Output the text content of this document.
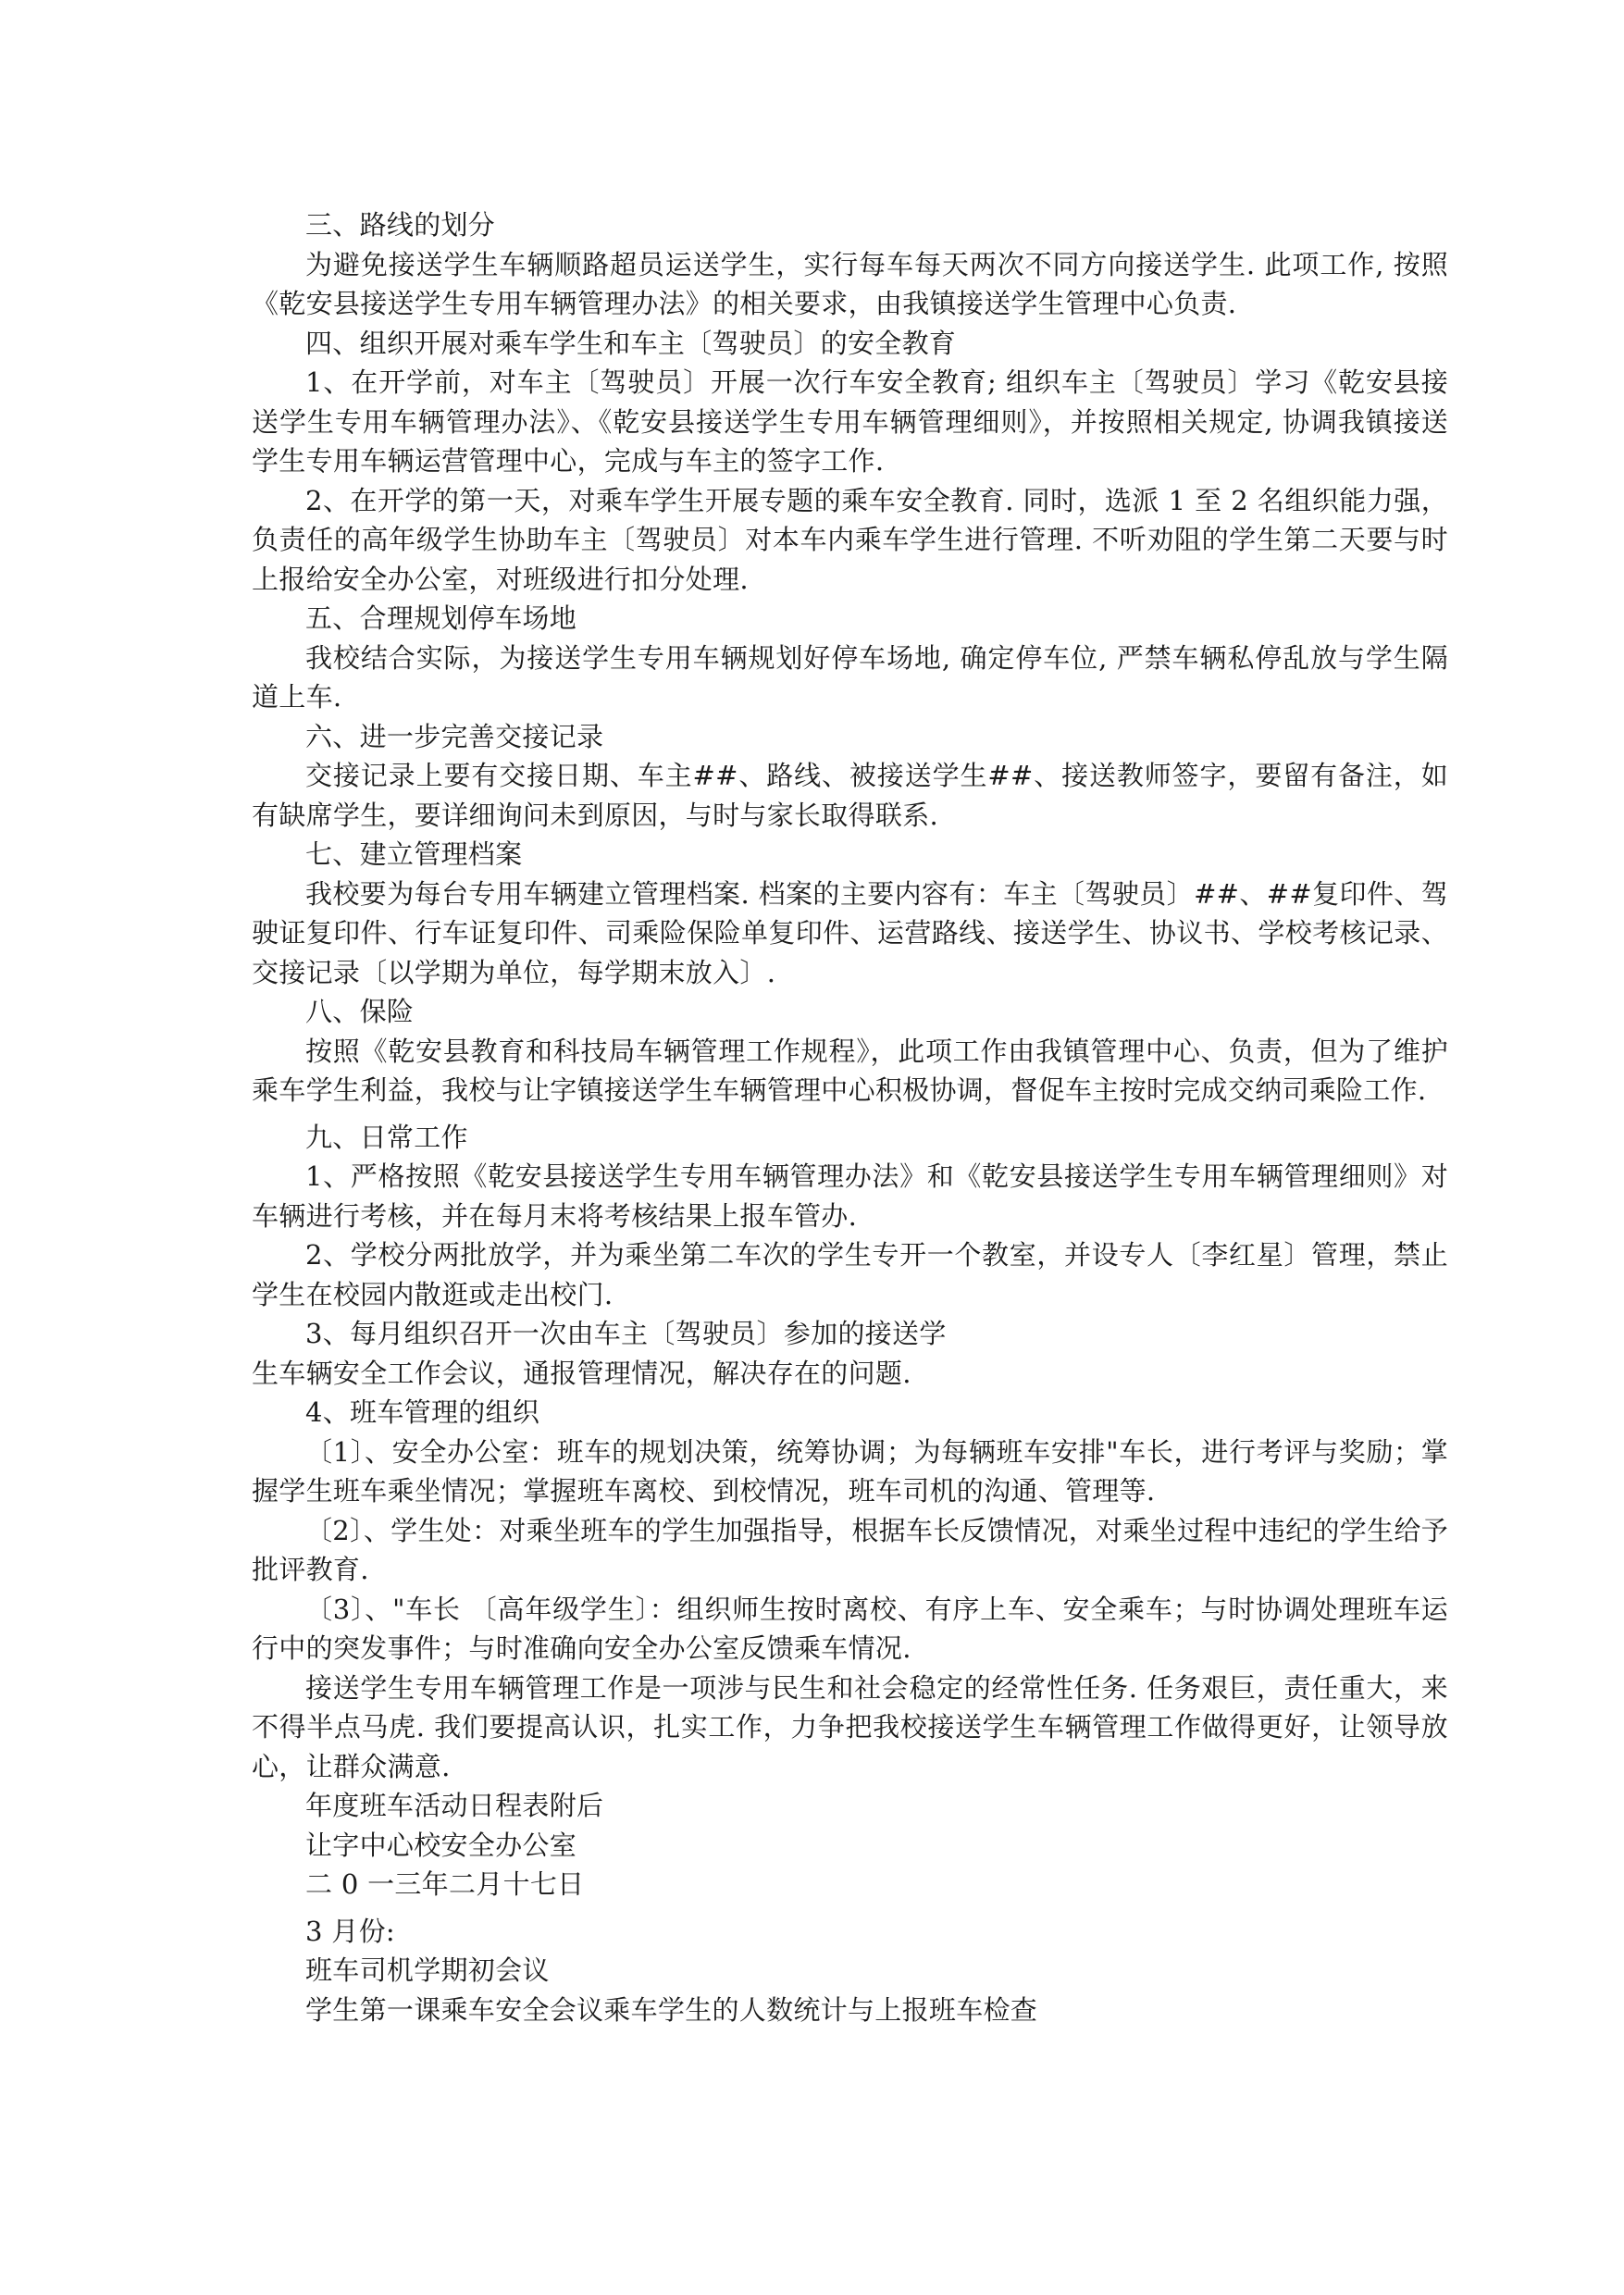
三、路线的划分

为避免接送学生车辆顺路超员运送学生，实行每车每天两次不同方向接送学生. 此项工作, 按照《乾安县接送学生专用车辆管理办法》的相关要求，由我镇接送学生管理中心负责.

四、组织开展对乘车学生和车主〔驾驶员〕的安全教育

1、在开学前，对车主〔驾驶员〕开展一次行车安全教育; 组织车主〔驾驶员〕学习《乾安县接送学生专用车辆管理办法》、《乾安县接送学生专用车辆管理细则》，并按照相关规定, 协调我镇接送学生专用车辆运营管理中心，完成与车主的签字工作.

2、在开学的第一天，对乘车学生开展专题的乘车安全教育. 同时，选派 1 至 2 名组织能力强，负责任的高年级学生协助车主〔驾驶员〕对本车内乘车学生进行管理. 不听劝阻的学生第二天要与时上报给安全办公室，对班级进行扣分处理.

五、合理规划停车场地

我校结合实际，为接送学生专用车辆规划好停车场地, 确定停车位, 严禁车辆私停乱放与学生隔道上车.

六、进一步完善交接记录

交接记录上要有交接日期、车主##、路线、被接送学生##、接送教师签字，要留有备注，如有缺席学生，要详细询问未到原因，与时与家长取得联系.

七、建立管理档案

我校要为每台专用车辆建立管理档案. 档案的主要内容有：车主〔驾驶员〕##、##复印件、驾驶证复印件、行车证复印件、司乘险保险单复印件、运营路线、接送学生、协议书、学校考核记录、交接记录〔以学期为单位，每学期末放入〕.

八、保险

按照《乾安县教育和科技局车辆管理工作规程》，此项工作由我镇管理中心、负责，但为了维护乘车学生利益，我校与让字镇接送学生车辆管理中心积极协调，督促车主按时完成交纳司乘险工作.

九、日常工作

1、严格按照《乾安县接送学生专用车辆管理办法》和《乾安县接送学生专用车辆管理细则》对车辆进行考核，并在每月末将考核结果上报车管办.

2、学校分两批放学，并为乘坐第二车次的学生专开一个教室，并设专人〔李红星〕管理，禁止学生在校园内散逛或走出校门.

3、每月组织召开一次由车主〔驾驶员〕参加的接送学

生车辆安全工作会议，通报管理情况，解决存在的问题.

4、班车管理的组织

〔1〕、安全办公室：班车的规划决策，统筹协调；为每辆班车安排"车长，进行考评与奖励；掌握学生班车乘坐情况；掌握班车离校、到校情况，班车司机的沟通、管理等.

〔2〕、学生处：对乘坐班车的学生加强指导，根据车长反馈情况，对乘坐过程中违纪的学生给予批评教育.

〔3〕、"车长 〔高年级学生〕：组织师生按时离校、有序上车、安全乘车；与时协调处理班车运行中的突发事件；与时准确向安全办公室反馈乘车情况.

接送学生专用车辆管理工作是一项涉与民生和社会稳定的经常性任务. 任务艰巨，责任重大，来不得半点马虎. 我们要提高认识，扎实工作，力争把我校接送学生车辆管理工作做得更好，让领导放心，让群众满意.

年度班车活动日程表附后

让字中心校安全办公室

二 0 一三年二月十七日

3 月份:

班车司机学期初会议

学生第一课乘车安全会议乘车学生的人数统计与上报班车检查
